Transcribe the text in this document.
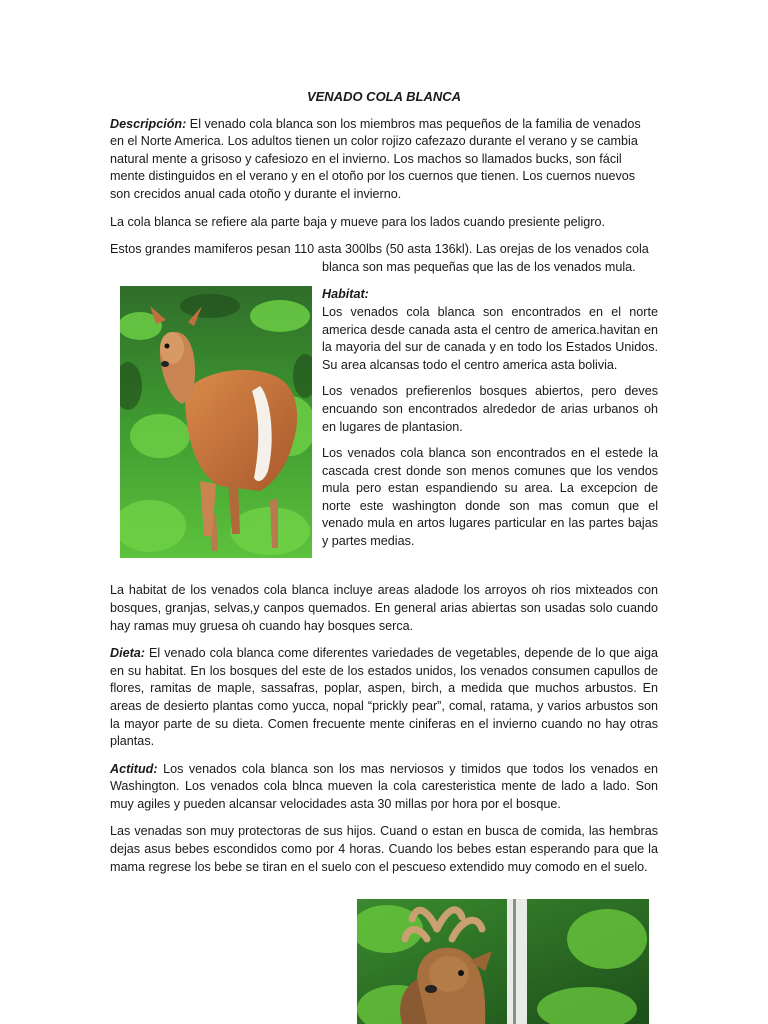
VENADO COLA BLANCA

Descripción: El venado cola blanca son los miembros mas pequeños de la familia de venados en el Norte America. Los adultos tienen un color rojizo cafezazo durante el verano y se cambia natural mente a grisoso y cafesiozo en el invierno. Los machos so llamados bucks, son fácil mente distinguidos en el verano y en el otoño por los cuernos que tienen. Los cuernos nuevos son crecidos anual cada otoño y durante el invierno.

La cola blanca se refiere ala parte baja y mueve para los lados cuando presiente peligro.

Estos grandes mamiferos pesan 110 asta 300lbs (50 asta 136kl). Las orejas de los venados cola
blanca son mas pequeñas que las de los venados mula.

Habitat:

Los venados cola blanca son encontrados en el norte america desde canada asta el centro de america.havitan en la mayoria del sur de canada y en todo los Estados Unidos. Su area alcansas todo el centro america asta bolivia.

Los venados prefierenlos bosques abiertos, pero deves encuando son encontrados alrededor de arias urbanos oh en lugares de plantasion.

Los venados cola blanca son encontrados en el estede la cascada crest donde son menos comunes que los vendos mula pero estan espandiendo su area. La excepcion de norte este washington donde son mas comun que el venado mula en artos lugares particular en las partes bajas y partes medias.

La habitat de los venados cola blanca incluye areas aladode los arroyos oh rios mixteados con bosques, granjas, selvas,y canpos quemados. En general arias abiertas son usadas solo cuando hay ramas muy gruesa oh cuando hay bosques serca.

Dieta: El venado cola blanca come diferentes variedades de vegetables, depende de lo que aiga en su habitat. En los bosques del este de los estados unidos, los venados consumen capullos de flores, ramitas de maple, sassafras, poplar, aspen, birch, a medida que muchos arbustos. En areas de desierto plantas como yucca, nopal “prickly pear”, comal, ratama, y varios arbustos son la mayor parte de su dieta. Comen frecuente mente ciniferas en el invierno cuando no hay otras plantas.

Actitud: Los venados cola blanca son los mas nerviosos y timidos que todos los venados en Washington. Los venados cola blnca mueven la cola caresteristica mente de lado a lado. Son muy agiles y pueden alcansar velocidades asta 30 millas por hora por el bosque.

Las venadas son muy protectoras de sus hijos. Cuand o estan en busca de comida, las hembras dejas asus bebes escondidos como por 4 horas. Cuando los bebes estan esperando para que la mama regrese los bebe se tiran en el suelo con el pescueso extendido muy comodo en el suelo.
